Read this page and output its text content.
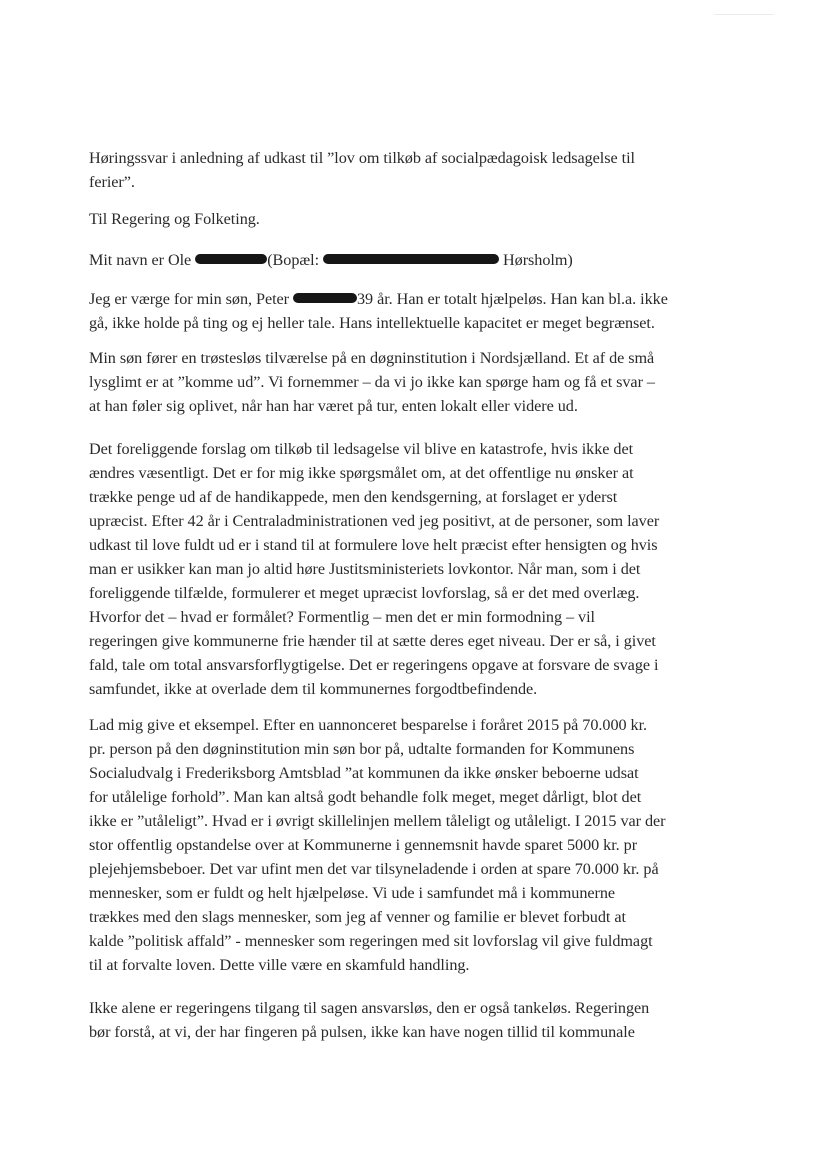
Høringssvar i anledning af udkast til ”lov om tilkøb af socialpædagoisk ledsagelse til

ferier”.

Til Regering og Folketing.

Mit navn er Ole	(Bopæl:	Hørsholm)

Jeg er værge for min søn, Peter	39 år. Han er totalt hjælpeløs. Han kan bl.a. ikke

gå, ikke holde på ting og ej heller tale. Hans intellektuelle kapacitet er meget begrænset.

Min søn fører en trøstesløs tilværelse på en døgninstitution i Nordsjælland. Et af de små

lysglimt er at ”komme ud”. Vi fornemmer – da vi jo ikke kan spørge ham og få et svar –

at han føler sig oplivet, når han har været på tur, enten lokalt eller videre ud.

Det foreliggende forslag om tilkøb til ledsagelse vil blive en katastrofe, hvis ikke det

ændres væsentligt. Det er for mig ikke spørgsmålet om, at det offentlige nu ønsker at

trække penge ud af de handikappede, men den kendsgerning, at forslaget er yderst

upræcist. Efter 42 år i Centraladministrationen ved jeg positivt, at de personer, som laver

udkast til love fuldt ud er i stand til at formulere love helt præcist efter hensigten og hvis

man er usikker kan man jo altid høre Justitsministeriets lovkontor. Når man, som i det

foreliggende tilfælde, formulerer et meget upræcist lovforslag, så er det med overlæg.

Hvorfor det – hvad er formålet? Formentlig – men det er min formodning – vil

regeringen give kommunerne frie hænder til at sætte deres eget niveau. Der er så, i givet

fald, tale om total ansvarsforflygtigelse. Det er regeringens opgave at forsvare de svage i

samfundet, ikke at overlade dem til kommunernes forgodtbefindende.

Lad mig give et eksempel. Efter en uannonceret besparelse i foråret 2015 på 70.000 kr.

pr. person på den døgninstitution min søn bor på, udtalte formanden for Kommunens

Socialudvalg i Frederiksborg Amtsblad ”at kommunen da ikke ønsker beboerne udsat

for utålelige forhold”. Man kan altså godt behandle folk meget, meget dårligt, blot det

ikke er ”utåleligt”. Hvad er i øvrigt skillelinjen mellem tåleligt og utåleligt. I 2015 var der

stor offentlig opstandelse over at Kommunerne i gennemsnit havde sparet 5000 kr. pr

plejehjemsbeboer. Det var ufint men det var tilsyneladende i orden at spare 70.000 kr. på

mennesker, som er fuldt og helt hjælpeløse. Vi ude i samfundet må i kommunerne

trækkes med den slags mennesker, som jeg af venner og familie er blevet forbudt at

kalde ”politisk affald” - mennesker som regeringen med sit lovforslag vil give fuldmagt

til at forvalte loven. Dette ville være en skamfuld handling.

Ikke alene er regeringens tilgang til sagen ansvarsløs, den er også tankeløs. Regeringen

bør forstå, at vi, der har fingeren på pulsen, ikke kan have nogen tillid til kommunale
